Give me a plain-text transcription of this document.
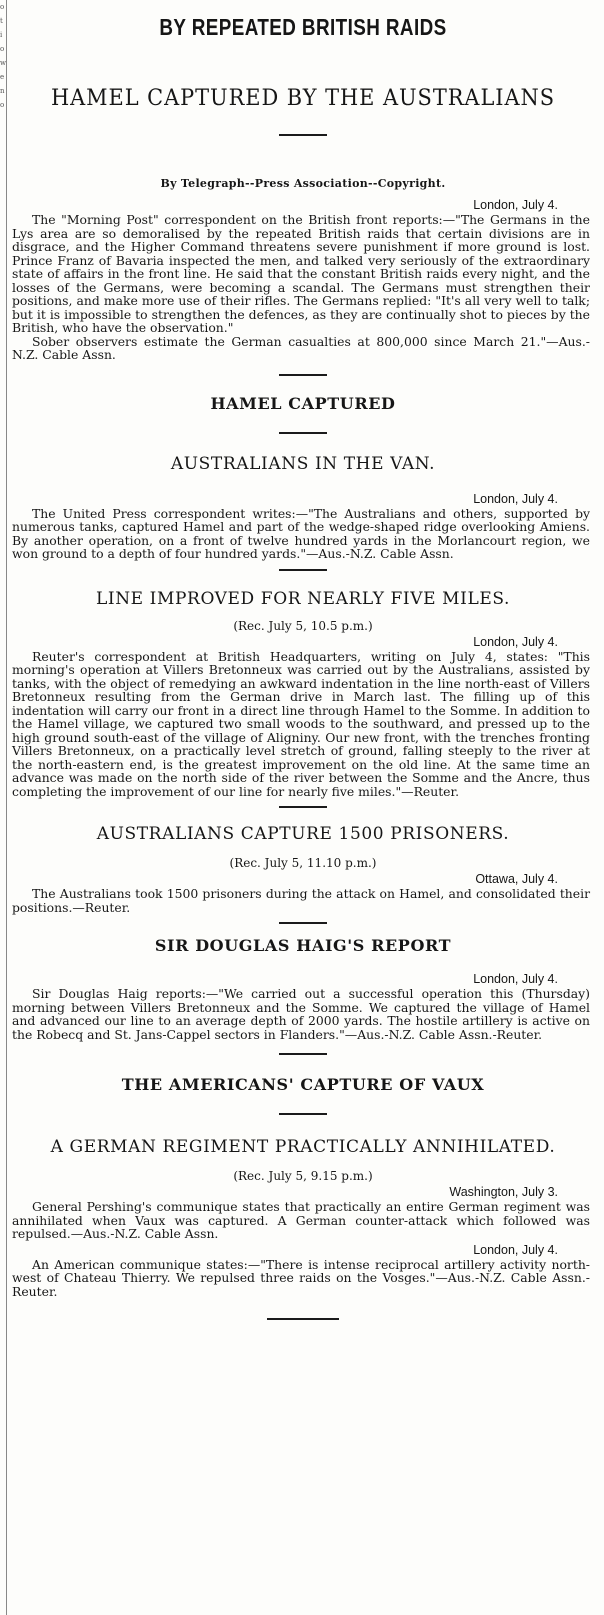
o t i o w e n o
BY REPEATED BRITISH RAIDS
HAMEL CAPTURED BY THE AUSTRALIANS
By Telegraph--Press Association--Copyright.
London, July 4.

The "Morning Post" correspondent on the British front reports:—"The Germans in the Lys area are so demoralised by the repeated British raids that certain divisions are in disgrace, and the Higher Command threatens severe punishment if more ground is lost. Prince Franz of Bavaria inspected the men, and talked very seriously of the extraordinary state of affairs in the front line. He said that the constant British raids every night, and the losses of the Germans, were becoming a scandal. The Germans must strengthen their positions, and make more use of their rifles. The Germans replied: "It's all very well to talk; but it is impossible to strengthen the defences, as they are continually shot to pieces by the British, who have the observation."

Sober observers estimate the German casualties at 800,000 since March 21."—Aus.-N.Z. Cable Assn.

HAMEL CAPTURED
AUSTRALIANS IN THE VAN.
London, July 4.

The United Press correspondent writes:—"The Australians and others, supported by numerous tanks, captured Hamel and part of the wedge-shaped ridge overlooking Amiens. By another operation, on a front of twelve hundred yards in the Morlancourt region, we won ground to a depth of four hundred yards."—Aus.-N.Z. Cable Assn.

LINE IMPROVED FOR NEARLY FIVE MILES.
(Rec. July 5, 10.5 p.m.)
London, July 4.

Reuter's correspondent at British Headquarters, writing on July 4, states: "This morning's operation at Villers Bretonneux was carried out by the Australians, assisted by tanks, with the object of remedying an awkward indentation in the line north-east of Villers Bretonneux resulting from the German drive in March last. The filling up of this indentation will carry our front in a direct line through Hamel to the Somme. In addition to the Hamel village, we captured two small woods to the southward, and pressed up to the high ground south-east of the village of Aligniny. Our new front, with the trenches fronting Villers Bretonneux, on a practically level stretch of ground, falling steeply to the river at the north-eastern end, is the greatest improvement on the old line. At the same time an advance was made on the north side of the river between the Somme and the Ancre, thus completing the improvement of our line for nearly five miles."—Reuter.

AUSTRALIANS CAPTURE 1500 PRISONERS.
(Rec. July 5, 11.10 p.m.)
Ottawa, July 4.

The Australians took 1500 prisoners during the attack on Hamel, and consolidated their positions.—Reuter.

SIR DOUGLAS HAIG'S REPORT
London, July 4.

Sir Douglas Haig reports:—"We carried out a successful operation this (Thursday) morning between Villers Bretonneux and the Somme. We captured the village of Hamel and advanced our line to an average depth of 2000 yards. The hostile artillery is active on the Robecq and St. Jans-Cappel sectors in Flanders."—Aus.-N.Z. Cable Assn.-Reuter.

THE AMERICANS' CAPTURE OF VAUX
A GERMAN REGIMENT PRACTICALLY ANNIHILATED.
(Rec. July 5, 9.15 p.m.)
Washington, July 3.

General Pershing's communique states that practically an entire German regiment was annihilated when Vaux was captured. A German counter-attack which followed was repulsed.—Aus.-N.Z. Cable Assn.

London, July 4.

An American communique states:—"There is intense reciprocal artillery activity north-west of Chateau Thierry. We repulsed three raids on the Vosges."—Aus.-N.Z. Cable Assn.-Reuter.
